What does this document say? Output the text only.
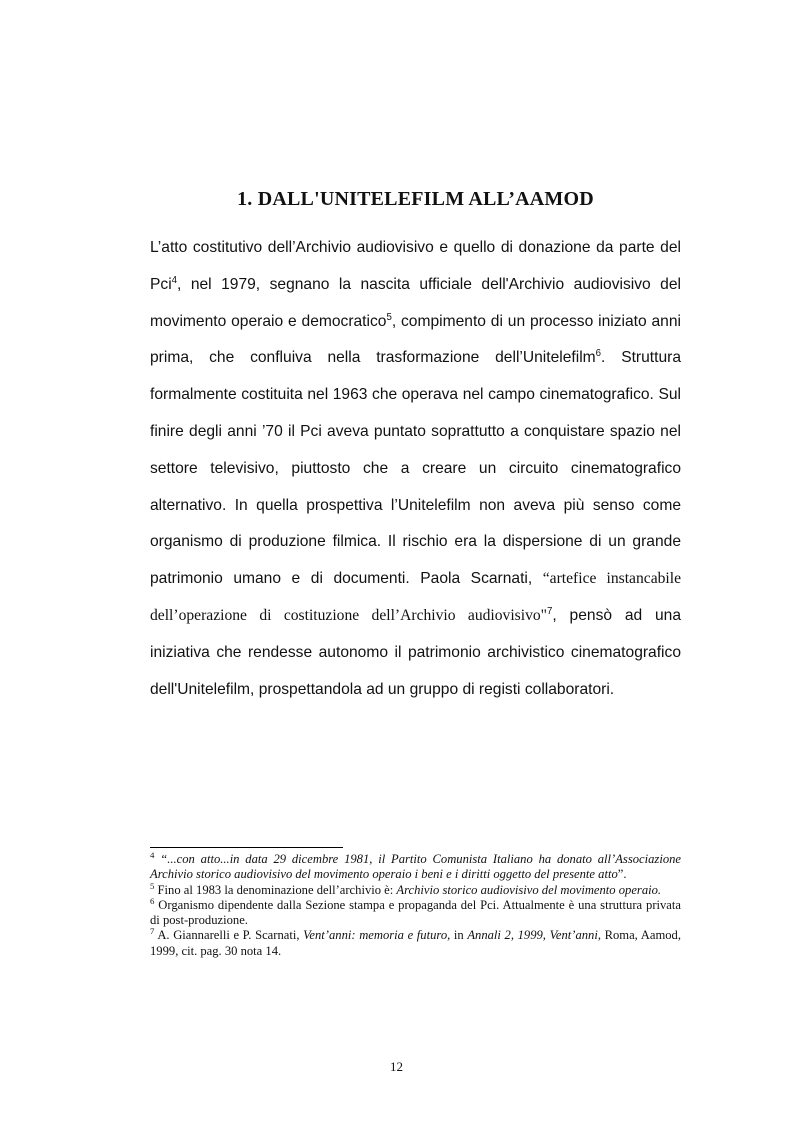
1. DALL'UNITELEFILM ALL’AAMOD

L’atto costitutivo dell’Archivio audiovisivo e quello di donazione da parte del Pci$^4$, nel 1979, segnano la nascita ufficiale dell'Archivio audiovisivo del movimento operaio e democratico$^5$, compimento di un processo iniziato anni prima, che confluiva nella trasformazione dell’Unitelefilm$^6$. Struttura formalmente costituita nel 1963 che operava nel campo cinematografico. Sul finire degli anni ’70 il Pci aveva puntato soprattutto a conquistare spazio nel settore televisivo, piuttosto che a creare un circuito cinematografico alternativo. In quella prospettiva l’Unitelefilm non aveva più senso come organismo di produzione filmica. Il rischio era la dispersione di un grande patrimonio umano e di documenti. Paola Scarnati, “artefice instancabile dell’operazione di costituzione dell’Archivio audiovisivo"$^7$, pensò ad una iniziativa che rendesse autonomo il patrimonio archivistico cinematografico dell'Unitelefilm, prospettandola ad un gruppo di registi collaboratori.

$^4$ “...con atto...in data 29 dicembre 1981, il Partito Comunista Italiano ha donato all’Associazione Archivio storico audiovisivo del movimento operaio i beni e i diritti oggetto del presente atto”.

$^5$ Fino al 1983 la denominazione dell’archivio è: Archivio storico audiovisivo del movimento operaio.

$^6$ Organismo dipendente dalla Sezione stampa e propaganda del Pci. Attualmente è una struttura privata di post-produzione.

$^7$ A. Giannarelli e P. Scarnati, Vent’anni: memoria e futuro, in Annali 2, 1999, Vent’anni, Roma, Aamod, 1999, cit. pag. 30 nota 14.

12
